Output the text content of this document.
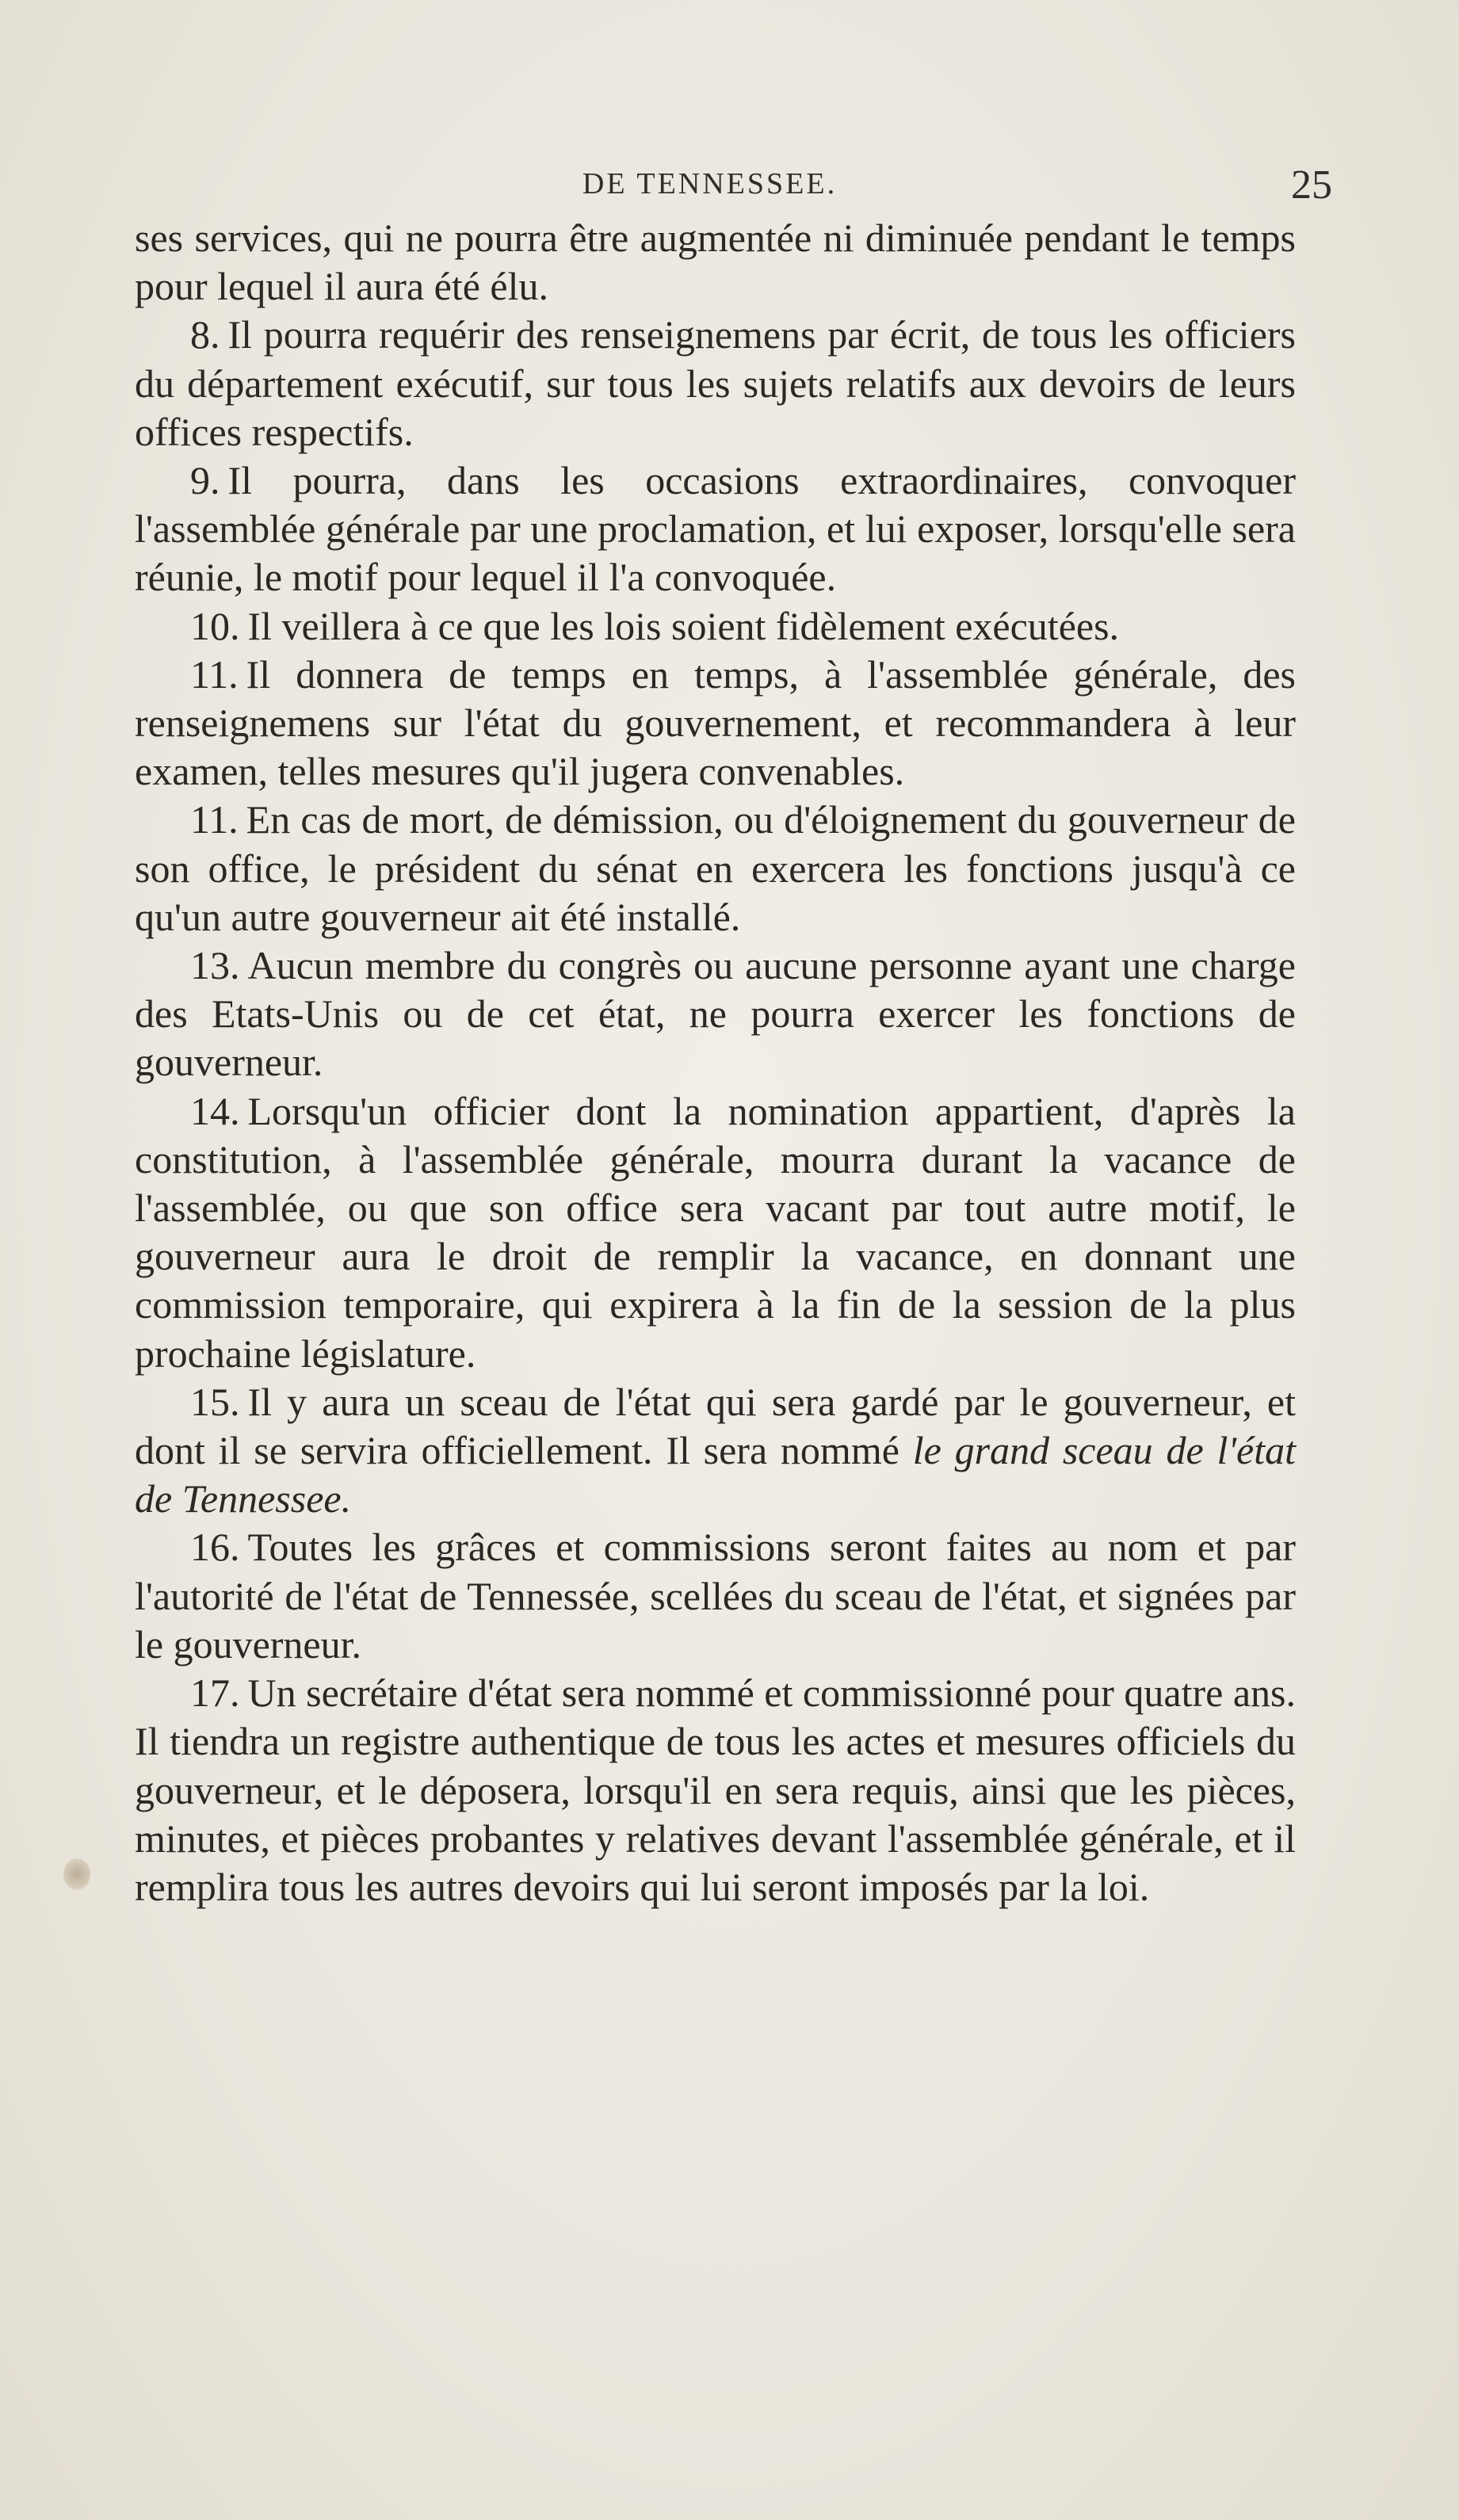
DE TENNESSEE.	25

ses services, qui ne pourra être augmentée ni diminuée pendant le temps pour lequel il aura été élu.

8. Il pourra requérir des renseignemens par écrit, de tous les officiers du département exécutif, sur tous les sujets relatifs aux devoirs de leurs offices respectifs.

9. Il pourra, dans les occasions extraordinaires, convoquer l'assemblée générale par une proclamation, et lui exposer, lorsqu'elle sera réunie, le motif pour lequel il l'a convoquée.

10. Il veillera à ce que les lois soient fidèlement exécutées.

11. Il donnera de temps en temps, à l'assemblée générale, des renseignemens sur l'état du gouvernement, et recommandera à leur examen, telles mesures qu'il jugera convenables.

11. En cas de mort, de démission, ou d'éloignement du gouverneur de son office, le président du sénat en exercera les fonctions jusqu'à ce qu'un autre gouverneur ait été installé.

13. Aucun membre du congrès ou aucune personne ayant une charge des Etats-Unis ou de cet état, ne pourra exercer les fonctions de gouverneur.

14. Lorsqu'un officier dont la nomination appartient, d'après la constitution, à l'assemblée générale, mourra durant la vacance de l'assemblée, ou que son office sera vacant par tout autre motif, le gouverneur aura le droit de remplir la vacance, en donnant une commission temporaire, qui expirera à la fin de la session de la plus prochaine législature.

15. Il y aura un sceau de l'état qui sera gardé par le gouverneur, et dont il se servira officiellement. Il sera nommé le grand sceau de l'état de Tennessee.

16. Toutes les grâces et commissions seront faites au nom et par l'autorité de l'état de Tennessée, scellées du sceau de l'état, et signées par le gouverneur.

17. Un secrétaire d'état sera nommé et commissionné pour quatre ans. Il tiendra un registre authentique de tous les actes et mesures officiels du gouverneur, et le déposera, lorsqu'il en sera requis, ainsi que les pièces, minutes, et pièces probantes y relatives devant l'assemblée générale, et il remplira tous les autres devoirs qui lui seront imposés par la loi.
